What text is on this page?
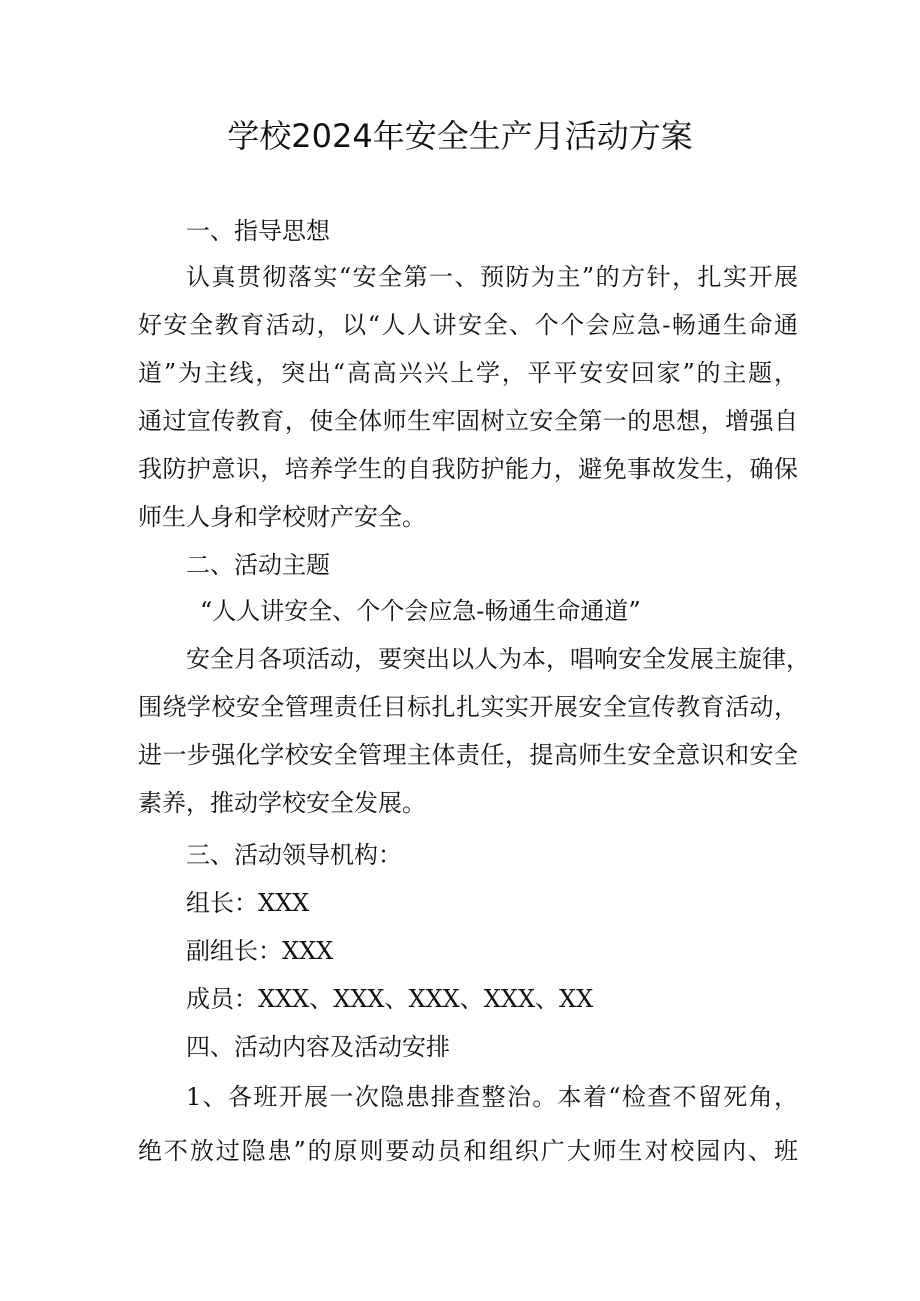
学校2024年安全生产月活动方案

一、指导思想

认真贯彻落实“安全第一、预防为主”的方针，扎实开展

好安全教育活动，以“人人讲安全、个个会应急-畅通生命通

道”为主线，突出“高高兴兴上学，平平安安回家”的主题，

通过宣传教育，使全体师生牢固树立安全第一的思想，增强自

我防护意识，培养学生的自我防护能力，避免事故发生，确保

师生人身和学校财产安全。

二、活动主题

“人人讲安全、个个会应急-畅通生命通道”

安全月各项活动，要突出以人为本，唱响安全发展主旋律，

围绕学校安全管理责任目标扎扎实实开展安全宣传教育活动，

进一步强化学校安全管理主体责任，提高师生安全意识和安全

素养，推动学校安全发展。

三、活动领导机构：

组长：XXX

副组长：XXX

成员：XXX、XXX、XXX、XXX、XX

四、活动内容及活动安排

1、各班开展一次隐患排查整治。本着“检查不留死角，

绝不放过隐患”的原则要动员和组织广大师生对校园内、班
